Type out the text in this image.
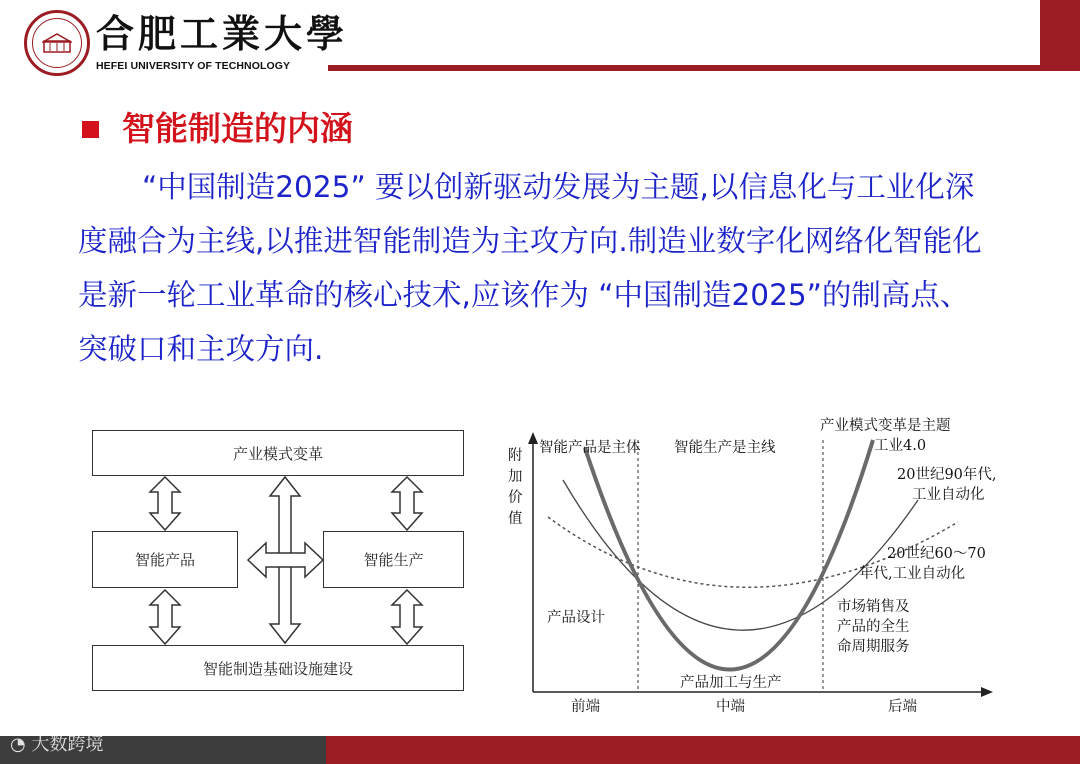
合肥工業大學
HEFEI UNIVERSITY OF TECHNOLOGY
智能制造的内涵

“中国制造2025” 要以创新驱动发展为主题,以信息化与工业化深度融合为主线,以推进智能制造为主攻方向.制造业数字化网络化智能化是新一轮工业革命的核心技术,应该作为 “中国制造2025”的制高点、突破口和主攻方向.

产业模式变革
智能产品	智能生产
智能制造基础设施建设
附
加
价
值
智能产品是主体 智能生产是主线
产业模式变革是主题
工业4.0
20世纪90年代,
工业自动化
20世纪60～70
年代,工业自动化
产品设计
市场销售及
产品的全生
命周期服务
产品加工与生产
前端	中端	后端
◔ 大数跨境
